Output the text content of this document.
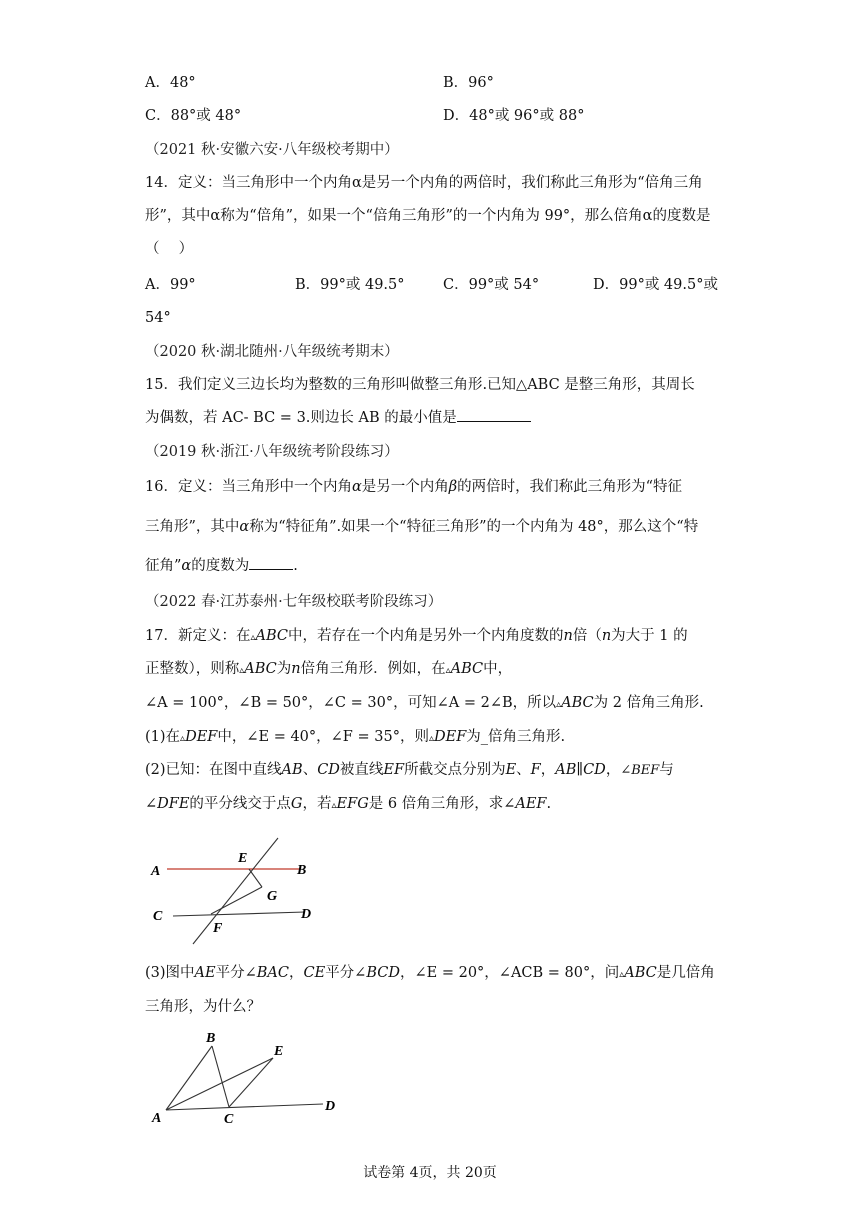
A．48°	B．96°
C．88°或 48°	D．48°或 96°或 88°
（2021 秋·安徽六安·八年级校考期中）
14．定义：当三角形中一个内角α是另一个内角的两倍时，我们称此三角形为“倍角三角
形”，其中α称为“倍角”，如果一个“倍角三角形”的一个内角为 99°，那么倍角α的度数是
（　 ）
A．99°	B．99°或 49.5°	C．99°或 54°	D．99°或 49.5°或
54°
（2020 秋·湖北随州·八年级统考期末）
15．我们定义三边长均为整数的三角形叫做整三角形.已知△ABC 是整三角形，其周长
为偶数，若 AC- BC = 3.则边长 AB 的最小值是
（2019 秋·浙江·八年级统考阶段练习）
16．定义：当三角形中一个内角α是另一个内角β的两倍时，我们称此三角形为“特征
三角形”，其中α称为“特征角”.如果一个“特征三角形”的一个内角为 48°，那么这个“特
征角”α的度数为	.
（2022 春·江苏泰州·七年级校联考阶段练习）
17．新定义：在▵ABC中，若存在一个内角是另外一个内角度数的n倍（n为大于 1 的
正整数），则称▵ABC为n倍角三角形．例如，在▵ABC中，
∠A = 100°，∠B = 50°，∠C = 30°，可知∠A = 2∠B，所以▵ABC为 2 倍角三角形.
(1)在▵DEF中，∠E = 40°，∠F = 35°，则▵DEF为_倍角三角形.
(2)已知：在图中直线AB、CD被直线EF所截交点分别为E、F，AB∥CD，∠BEF与
∠DFE的平分线交于点G，若▵EFG是 6 倍角三角形，求∠AEF.
A	B
C	D
E
F
G
(3)图中AE平分∠BAC，CE平分∠BCD，∠E = 20°，∠ACB = 80°，问▵ABC是几倍角
三角形，为什么？
A
B
C
D
E
试卷第 4页，共 20页
